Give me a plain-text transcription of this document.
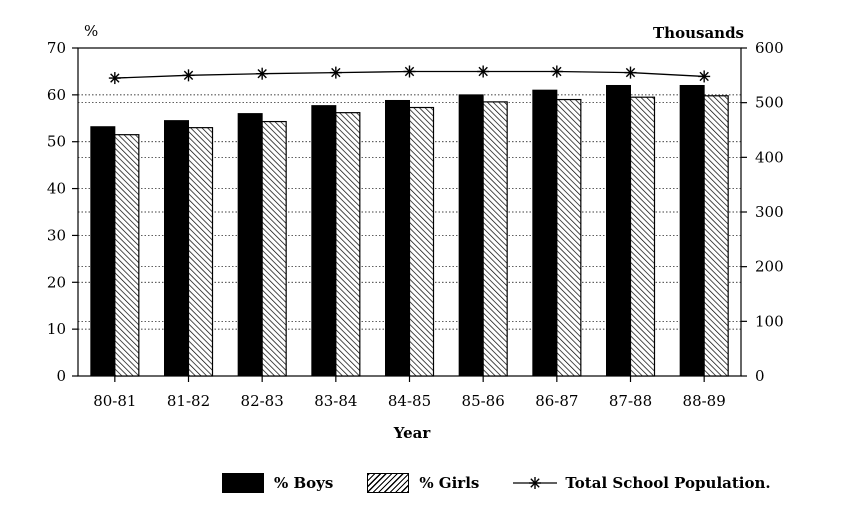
0
10
20
30
40
50
60
70
0
100
200
300
400
500
600
80-81 81-82 82-83 83-84 84-85 85-86 86-87 87-88 88-89
%	Thousands
Year
% Boys	% Girls	Total School Population.
